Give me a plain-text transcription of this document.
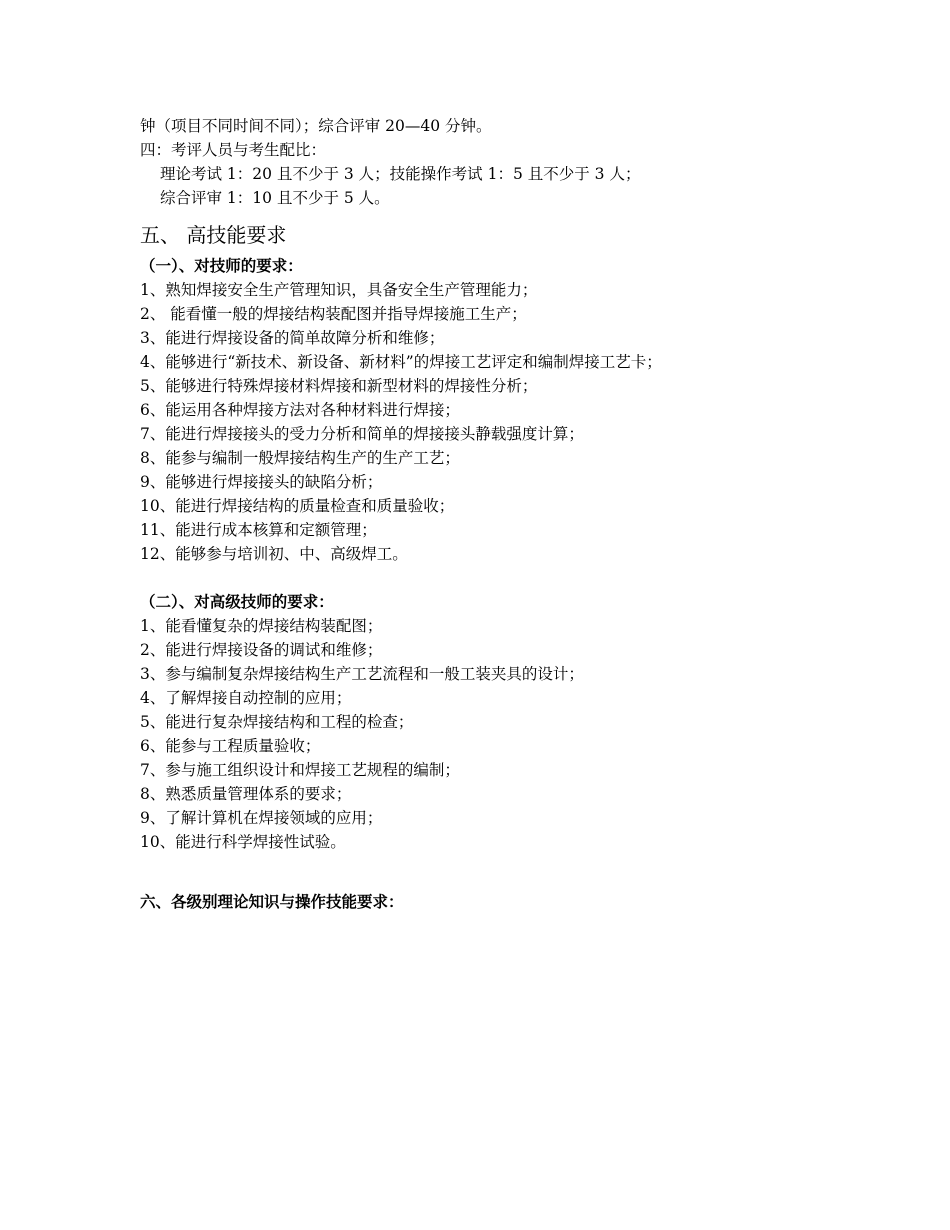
钟（项目不同时间不同）；综合评审 20—40 分钟。
四：考评人员与考生配比：
理论考试 1：20 且不少于 3 人；技能操作考试 1：5 且不少于 3 人；
综合评审 1：10 且不少于 5 人。
五、 高技能要求
（一）、对技师的要求：
1、熟知焊接安全生产管理知识，具备安全生产管理能力；
2、 能看懂一般的焊接结构装配图并指导焊接施工生产；
3、能进行焊接设备的简单故障分析和维修；
4、能够进行“新技术、新设备、新材料”的焊接工艺评定和编制焊接工艺卡；
5、能够进行特殊焊接材料焊接和新型材料的焊接性分析；
6、能运用各种焊接方法对各种材料进行焊接；
7、能进行焊接接头的受力分析和简单的焊接接头静载强度计算；
8、能参与编制一般焊接结构生产的生产工艺；
9、能够进行焊接接头的缺陷分析；
10、能进行焊接结构的质量检查和质量验收；
11、能进行成本核算和定额管理；
12、能够参与培训初、中、高级焊工。
（二）、对高级技师的要求：
1、能看懂复杂的焊接结构装配图；
2、能进行焊接设备的调试和维修；
3、参与编制复杂焊接结构生产工艺流程和一般工装夹具的设计；
4、了解焊接自动控制的应用；
5、能进行复杂焊接结构和工程的检查；
6、能参与工程质量验收；
7、参与施工组织设计和焊接工艺规程的编制；
8、熟悉质量管理体系的要求；
9、了解计算机在焊接领域的应用；
10、能进行科学焊接性试验。
六、各级别理论知识与操作技能要求：
